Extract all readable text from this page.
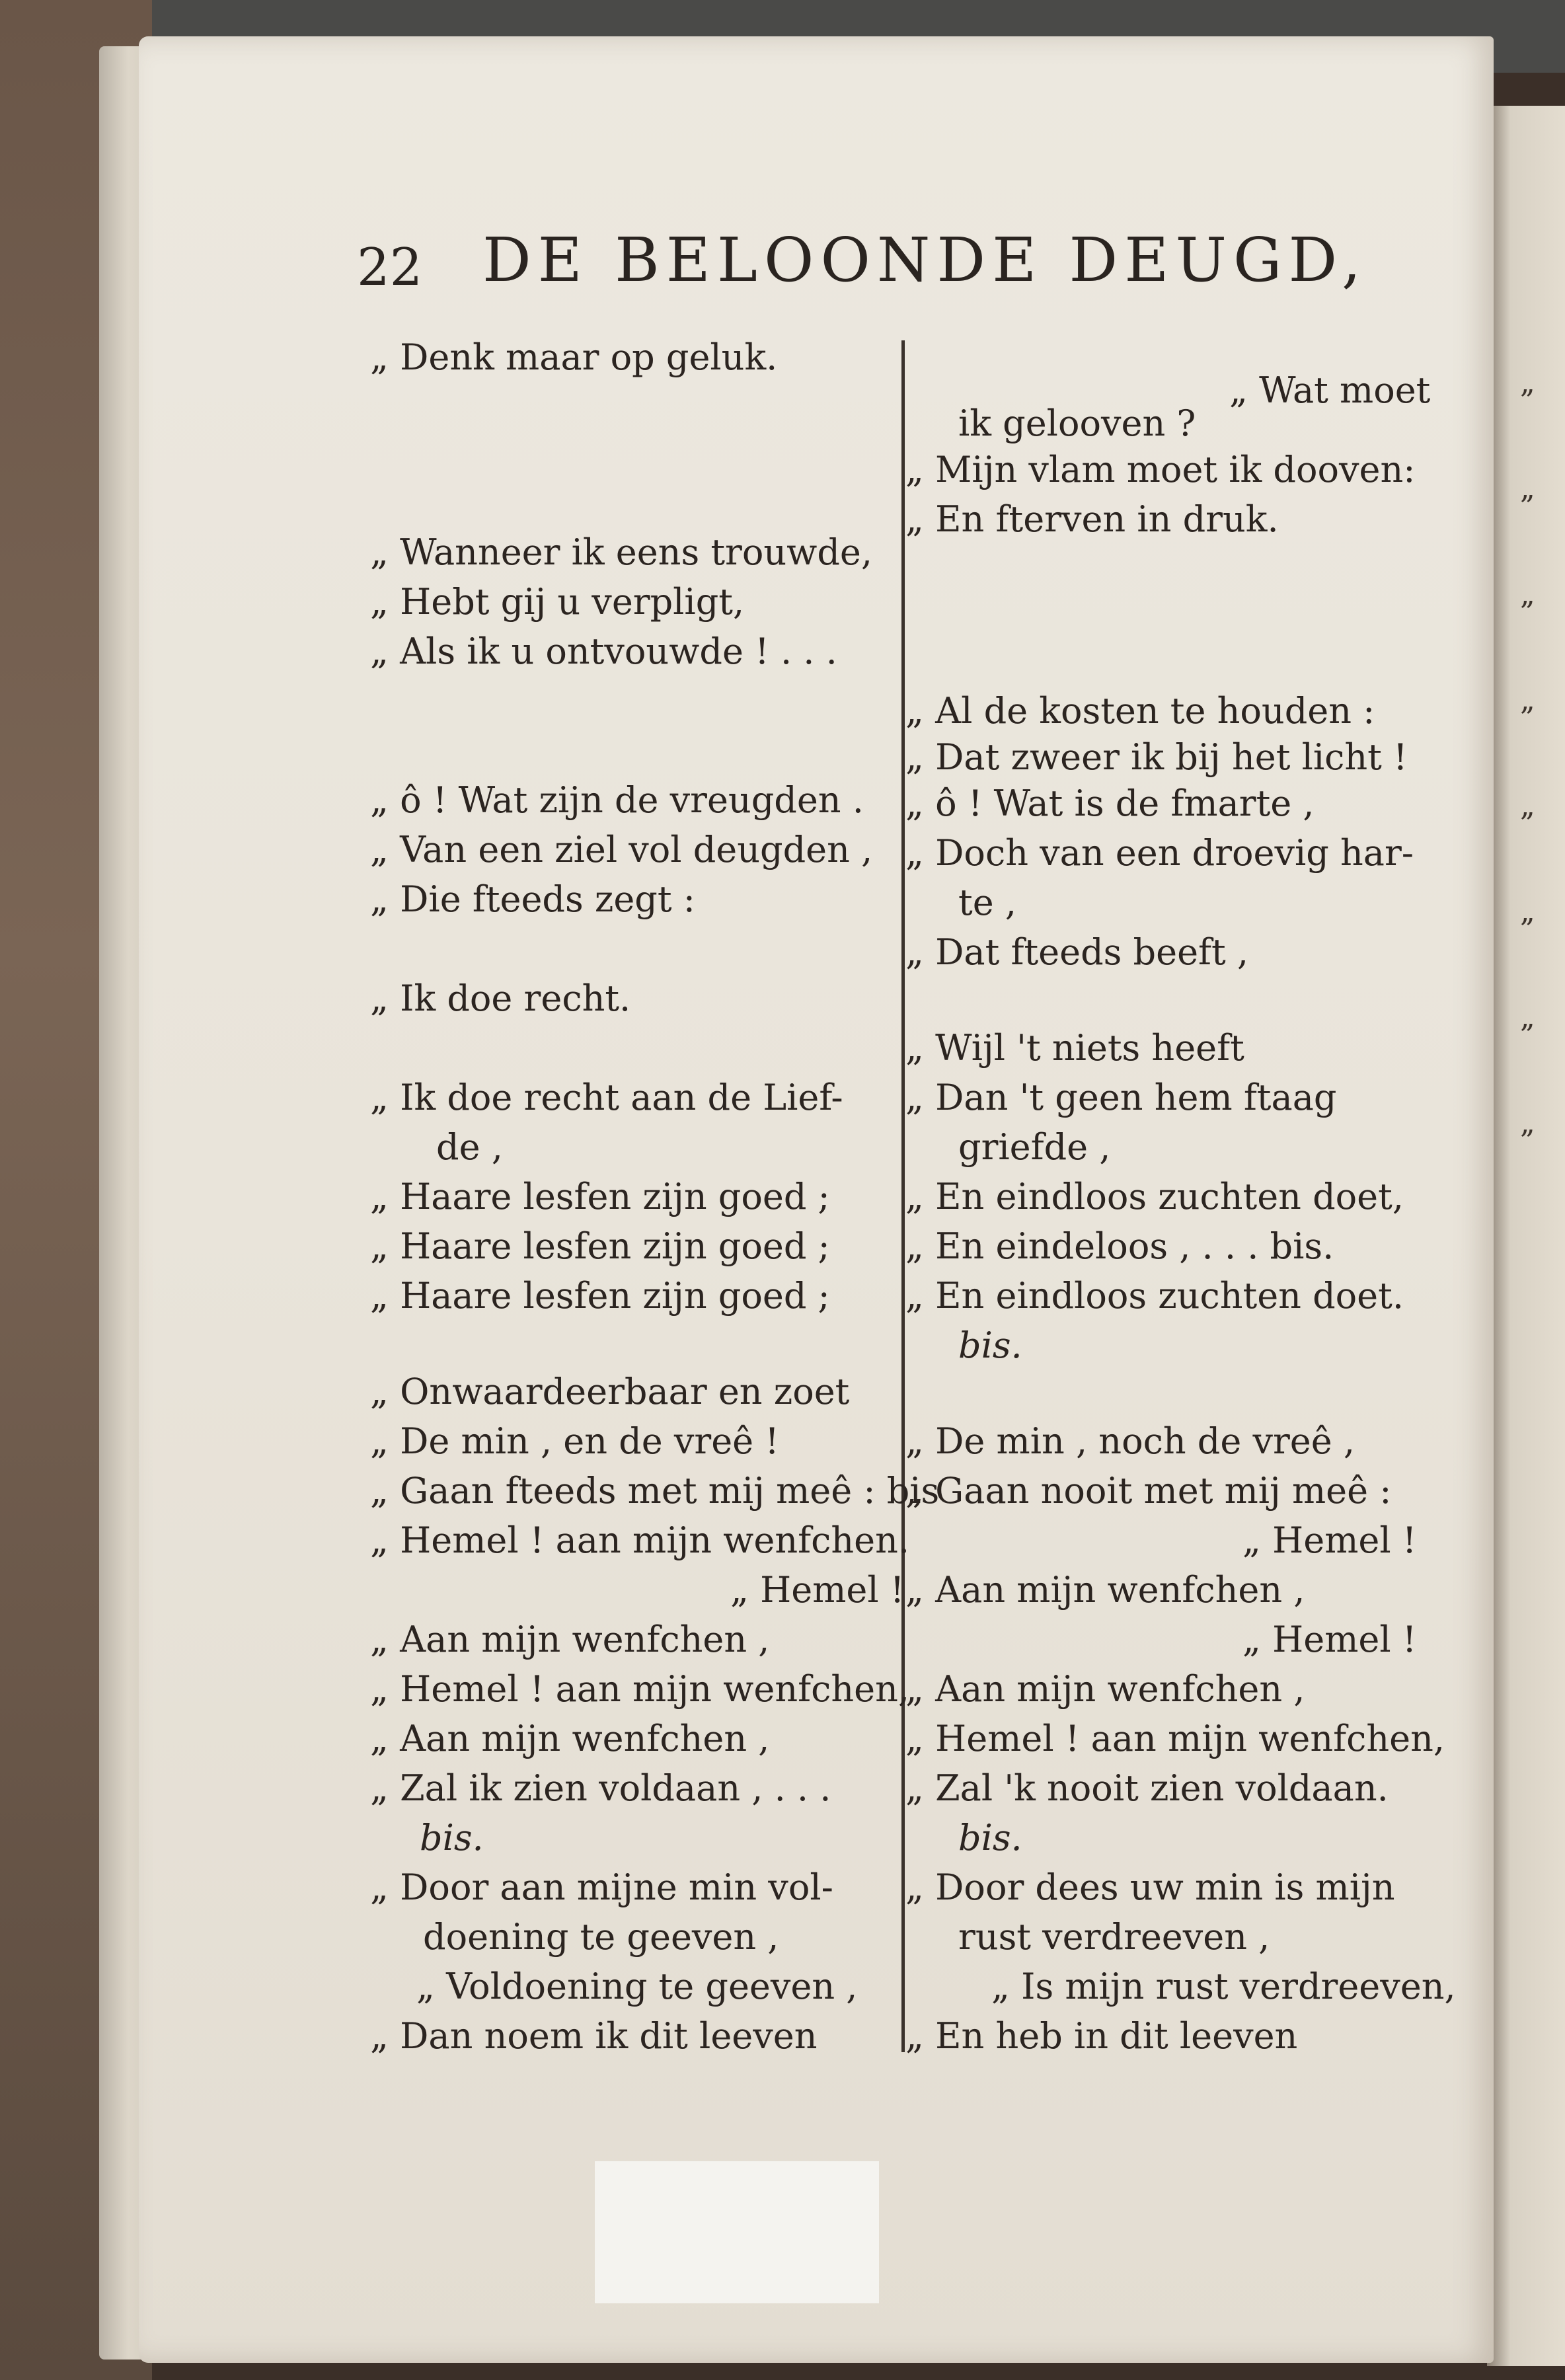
„
„
„
„
„
„
„
„
22 DE BELOONDE DEUGD,
„ Denk maar op geluk.
„ Wanneer ik eens trouwde,
„ Hebt gij u verpligt,
„ Als ik u ontvouwde ! . . .
„ ô ! Wat zijn de vreugden .
„ Van een ziel vol deugden ,
„ Die fteeds zegt :
„ Ik doe recht.
„ Ik doe recht aan de Lief-
de ,
„ Haare lesfen zijn goed ;
„ Haare lesfen zijn goed ;
„ Haare lesfen zijn goed ;
„ Onwaardeerbaar en zoet
„ De min , en de vreê !
„ Gaan fteeds met mij meê : bis
„ Hemel ! aan mijn wenfchen.
„ Hemel !
„ Aan mijn wenfchen ,
„ Hemel ! aan mijn wenfchen,
„ Aan mijn wenfchen ,
„ Zal ik zien voldaan , . . .
bis.
„ Door aan mijne min vol-
doening te geeven ,
„ Voldoening te geeven ,
„ Dan noem ik dit leeven
„ Wat moet
ik gelooven ?
„ Mijn vlam moet ik dooven:
„ En fterven in druk.
„ Al de kosten te houden :
„ Dat zweer ik bij het licht !
„ ô ! Wat is de fmarte ,
„ Doch van een droevig har-
te ,
„ Dat fteeds beeft ,
„ Wijl 't niets heeft
„ Dan 't geen hem ftaag
griefde ,
„ En eindloos zuchten doet,
„ En eindeloos , . . . bis.
„ En eindloos zuchten doet.
bis.
„ De min , noch de vreê ,
„ Gaan nooit met mij meê :
„ Hemel !
„ Aan mijn wenfchen ,
„ Hemel !
„ Aan mijn wenfchen ,
„ Hemel ! aan mijn wenfchen,
„ Zal 'k nooit zien voldaan.
bis.
„ Door dees uw min is mijn
rust verdreeven ,
„ Is mijn rust verdreeven,
„ En heb in dit leeven
